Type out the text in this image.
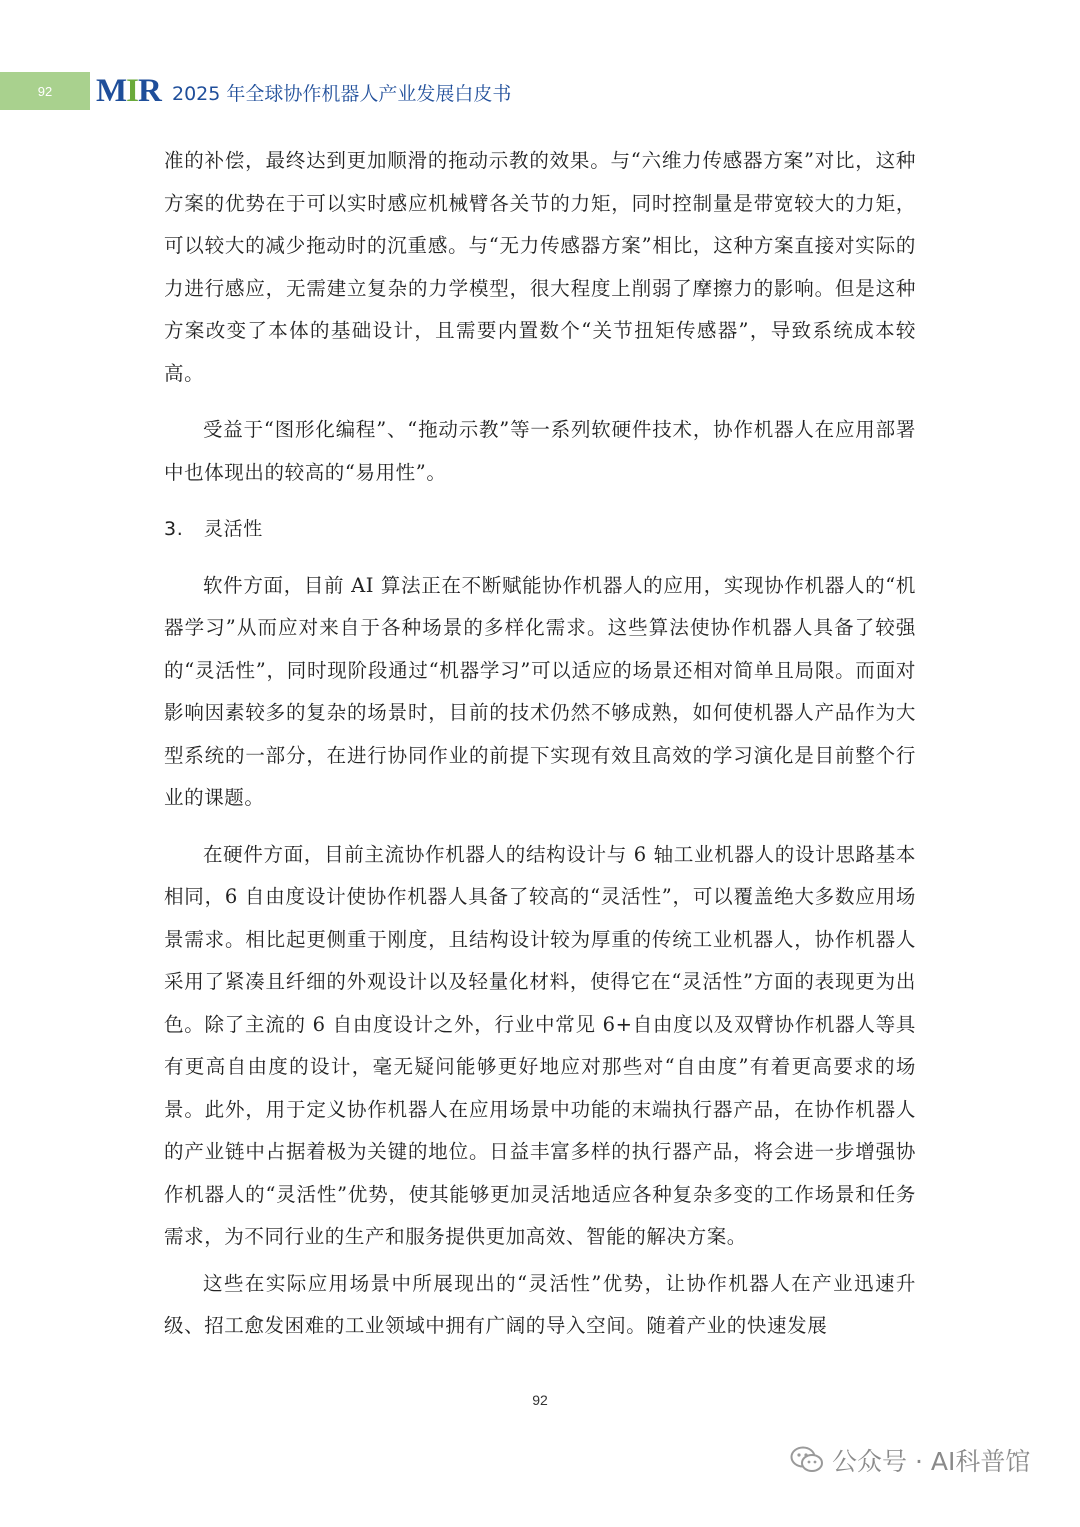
92	MIR 2025 年全球协作机器人产业发展白皮书

准的补偿，最终达到更加顺滑的拖动示教的效果。与“六维力传感器方案”对比，这种方案的优势在于可以实时感应机械臂各关节的力矩，同时控制量是带宽较大的力矩，可以较大的减少拖动时的沉重感。与“无力传感器方案”相比，这种方案直接对实际的力进行感应，无需建立复杂的力学模型，很大程度上削弱了摩擦力的影响。但是这种方案改变了本体的基础设计，且需要内置数个“关节扭矩传感器”，导致系统成本较高。

受益于“图形化编程”、“拖动示教”等一系列软硬件技术，协作机器人在应用部署中也体现出的较高的“易用性”。

3. 灵活性

软件方面，目前 AI 算法正在不断赋能协作机器人的应用，实现协作机器人的“机器学习”从而应对来自于各种场景的多样化需求。这些算法使协作机器人具备了较强的“灵活性”，同时现阶段通过“机器学习”可以适应的场景还相对简单且局限。而面对影响因素较多的复杂的场景时，目前的技术仍然不够成熟，如何使机器人产品作为大型系统的一部分，在进行协同作业的前提下实现有效且高效的学习演化是目前整个行业的课题。

在硬件方面，目前主流协作机器人的结构设计与 6 轴工业机器人的设计思路基本相同，6 自由度设计使协作机器人具备了较高的“灵活性”，可以覆盖绝大多数应用场景需求。相比起更侧重于刚度，且结构设计较为厚重的传统工业机器人，协作机器人采用了紧凑且纤细的外观设计以及轻量化材料，使得它在“灵活性”方面的表现更为出色。除了主流的 6 自由度设计之外，行业中常见 6+自由度以及双臂协作机器人等具有更高自由度的设计，毫无疑问能够更好地应对那些对“自由度”有着更高要求的场景。此外，用于定义协作机器人在应用场景中功能的末端执行器产品，在协作机器人的产业链中占据着极为关键的地位。日益丰富多样的执行器产品，将会进一步增强协作机器人的“灵活性”优势，使其能够更加灵活地适应各种复杂多变的工作场景和任务需求，为不同行业的生产和服务提供更加高效、智能的解决方案。

这些在实际应用场景中所展现出的“灵活性”优势，让协作机器人在产业迅速升级、招工愈发困难的工业领域中拥有广阔的导入空间。随着产业的快速发展

92
公众号 · AI科普馆
